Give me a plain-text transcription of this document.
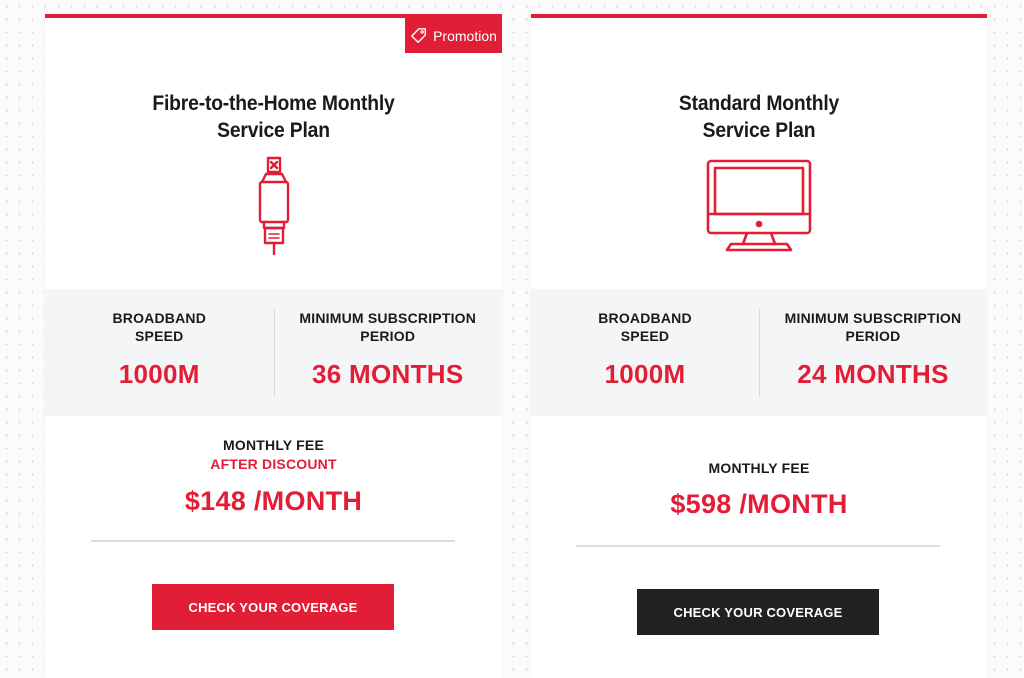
Promotion
Fibre-to-the-Home Monthly
Service Plan
BROADBAND
SPEED
1000M
MINIMUM SUBSCRIPTION
PERIOD
36 MONTHS
MONTHLY FEE
AFTER DISCOUNT
$148 /MONTH
CHECK YOUR COVERAGE
Standard Monthly
Service Plan
BROADBAND
SPEED
1000M
MINIMUM SUBSCRIPTION
PERIOD
24 MONTHS
MONTHLY FEE
$598 /MONTH
CHECK YOUR COVERAGE
